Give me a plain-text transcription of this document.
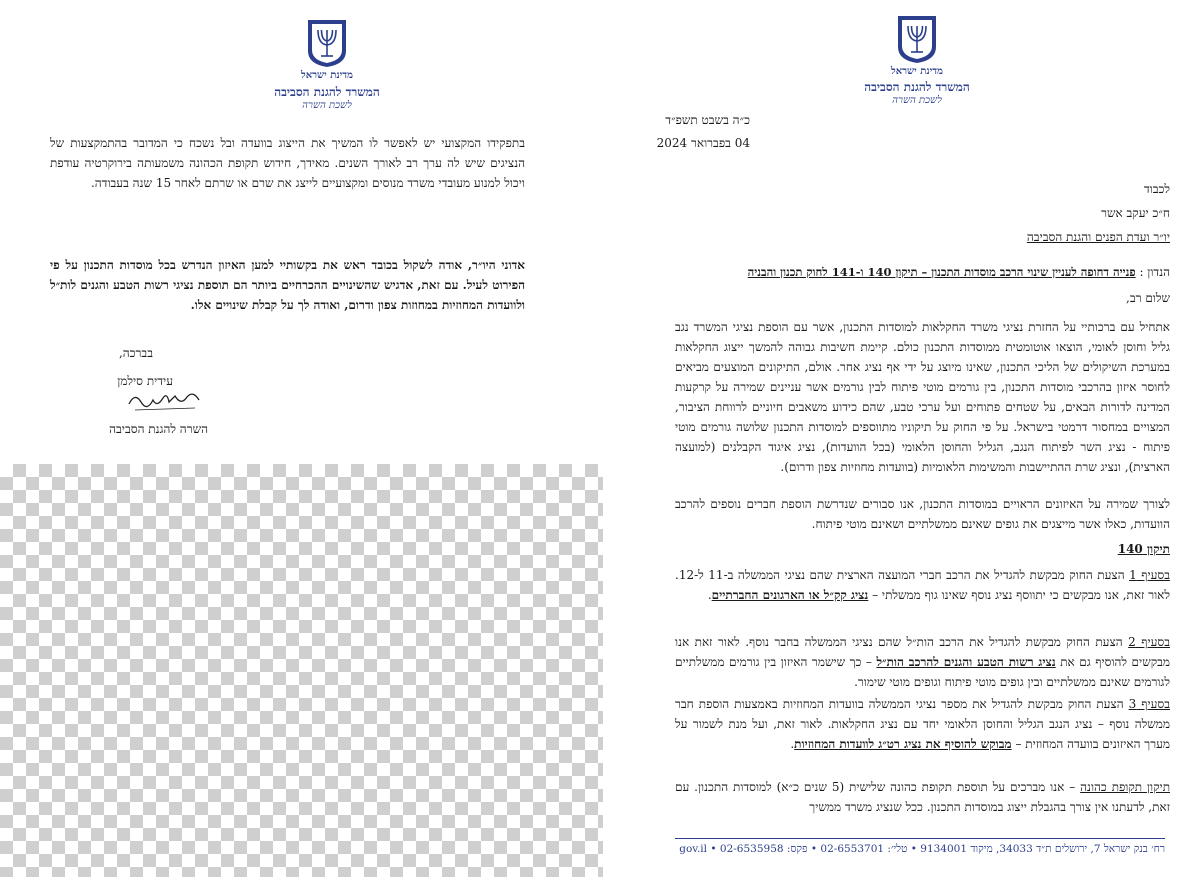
מדינת ישראל
המשרד להגנת הסביבה
לשכת השרה
בתפקידו המקצועי יש לאפשר לו המשיך את הייצוג בוועדה ובל נשכח כי המדובר בהתמקצעות של הנציגים שיש לה ערך רב לאורך השנים. מאידך, חידוש תקופת הכהונה משמעותה בירוקרטיה עודפת ויכול למנוע מעובדי משרד מנוסים ומקצועיים לייצג את שרם או שרתם לאחר 15 שנה בעבודה.
אדוני היו״ר, אודה לשקול בכובד ראש את בקשותיי למען האיזון הנדרש בכל מוסדות התכנון על פי הפירוט לעיל. עם זאת, אדגיש שהשינויים ההכרחיים ביותר הם תוספת נציגי רשות הטבע והגנים לות״ל ולוועדות המחוזיות במחוזות צפון ודרום, ואודה לך על קבלת שינויים אלו.
בברכה,
עידית סילמן
השרה להגנת הסביבה
מדינת ישראל
המשרד להגנת הסביבה
לשכת השרה
כ״ה בשבט תשפ״ד
04 בפברואר 2024
לכבוד
ח״כ יעקב אשר
יו״ר ועדת הפנים והגנת הסביבה
הנדון : פנייה דחופה לעניין שינוי הרכב מוסדות התכנון – תיקון 140 ו-141 לחוק תכנון והבניה
שלום רב,
אתחיל עם ברכותיי על החזרת נציגי משרד החקלאות למוסדות התכנון, אשר עם הוספת נציגי המשרד נגב גליל וחוסן לאומי, הוצאו אוטומטית ממוסדות התכנון כולם. קיימת חשיבות גבוהה להמשך ייצוג החקלאות במערכת השיקולים של הליכי התכנון, שאינו מיוצג על ידי אף נציג אחר. אולם, התיקונים המוצעים מביאים לחוסר איזון בהרכבי מוסדות התכנון, בין גורמים מוטי פיתוח לבין גורמים אשר עניינים שמירה על קרקעות המדינה לדורות הבאים, על שטחים פתוחים ועל ערכי טבע, שהם כידוע משאבים חיוניים לרווחת הציבור, המצויים במחסור דרמטי בישראל. על פי החוק על תיקוניו מתווספים למוסדות התכנון שלושה גורמים מוטי פיתוח - נציג השר לפיתוח הנגב, הגליל והחוסן הלאומי (בכל הוועדות), נציג איגוד הקבלנים (למועצה הארצית), ונציג שרת ההתיישבות והמשימות הלאומיות (בוועדות מחוזיות צפון ודרום).
לצורך שמירה על האיזונים הראויים במוסדות התכנון, אנו סבורים שנדרשת הוספת חברים נוספים להרכב הוועדות, כאלו אשר מייצגים את גופים שאינם ממשלתיים ושאינם מוטי פיתוח.
תיקון 140
בסעיף 1 הצעת החוק מבקשת להגדיל את הרכב חברי המועצה הארצית שהם נציגי הממשלה ב-11 ל-12. לאור זאת, אנו מבקשים כי יתווסף נציג נוסף שאינו גוף ממשלתי – נציג קק״ל או הארגונים החברתיים.
בסעיף 2 הצעת החוק מבקשת להגדיל את הרכב הות״ל שהם נציגי הממשלה בחבר נוסף. לאור זאת אנו מבקשים להוסיף גם את נציג רשות הטבע והגנים להרכב הות״ל – כך שישמר האיזון בין גורמים ממשלתיים לגורמים שאינם ממשלתיים ובין גופים מוטי פיתוח וגופים מוטי שימור.
בסעיף 3 הצעת החוק מבקשת להגדיל את מספר נציגי הממשלה בוועדות המחוזיות באמצעות הוספת חבר ממשלה נוסף – נציג הנגב הגליל והחוסן הלאומי יחד עם נציג החקלאות. לאור זאת, ועל מנת לשמור על מערך האיזונים בוועדה המחוזית – מבוקש להוסיף את נציג רט״ג לוועדות המחוזיות.
תיקון תקופת כהונה – אנו מברכים על תוספת תקופת כהונה שלישית (5 שנים כ״א) למוסדות התכנון. עם זאת, לדעתנו אין צורך בהגבלת ייצוג במוסדות התכנון. ככל שנציג משרד ממשיך
רח׳ בנק ישראל 7, ירושלים ת״ד 34033, מיקוד 9134001 • טלי׳: 02-6553701 • פקס: 02-6535958 • gov.il
